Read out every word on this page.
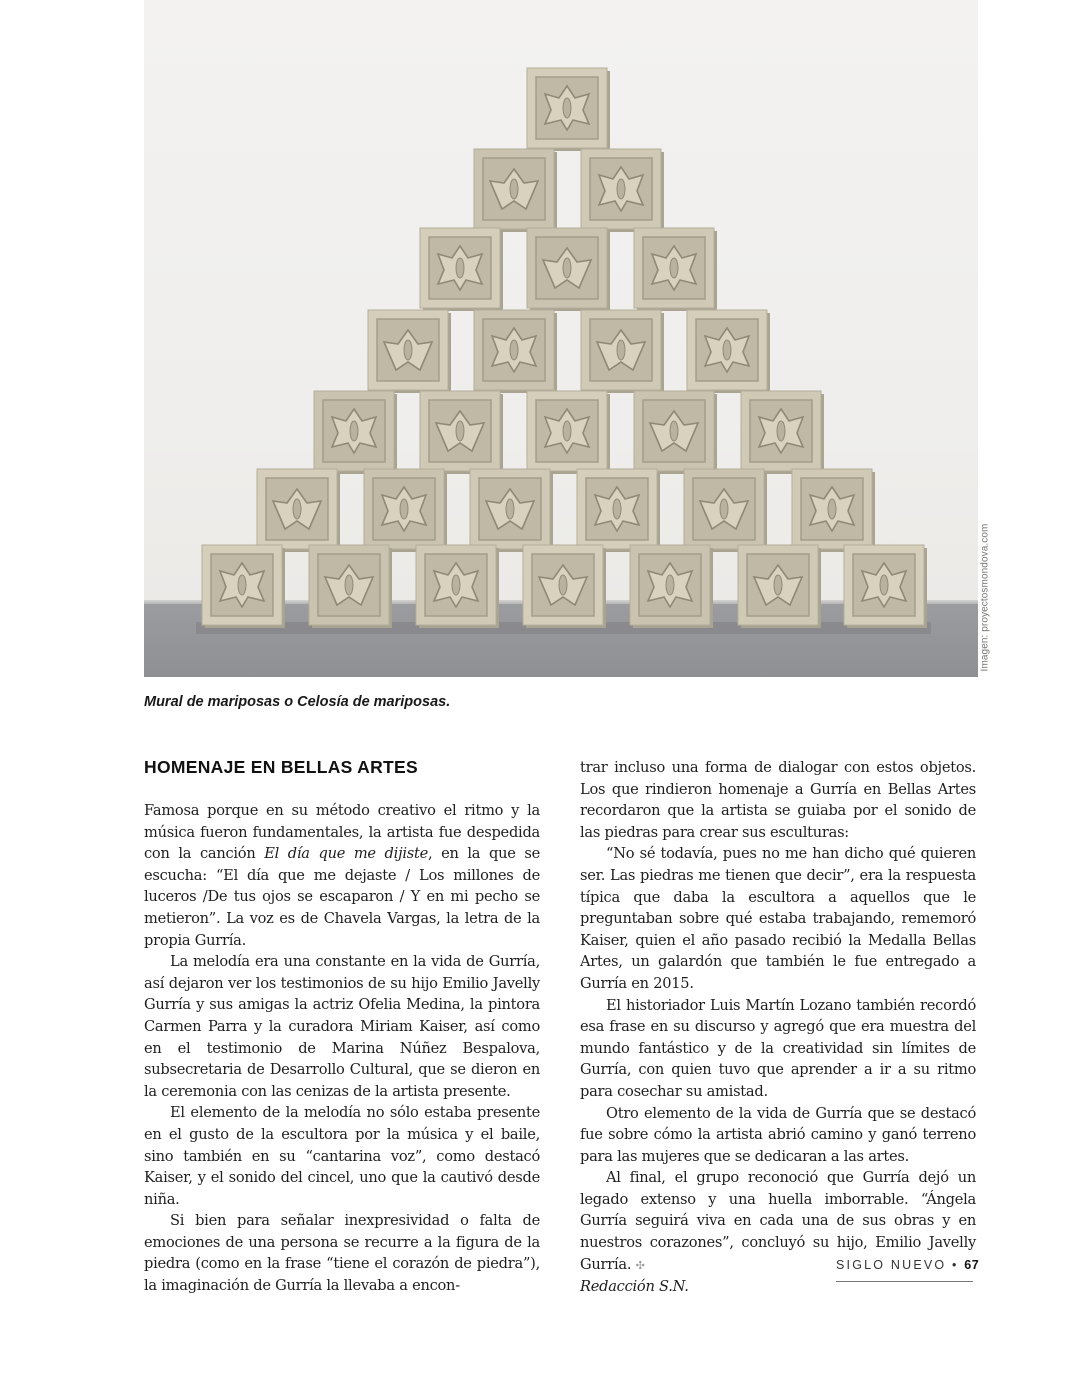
Imagen: proyectosmondova.com
Mural de mariposas o Celosía de mariposas.
HOMENAJE EN BELLAS ARTES

Famosa porque en su método creativo el ritmo y la música fueron fundamentales, la artista fue despedida con la canción El día que me dijiste, en la que se escucha: “El día que me dejaste / Los millones de luceros /De tus ojos se escaparon / Y en mi pecho se metieron”. La voz es de Chavela Vargas, la letra de la propia Gurría.

La melodía era una constante en la vida de Gurría, así dejaron ver los testimonios de su hijo Emilio Javelly Gurría y sus amigas la actriz Ofelia Medina, la pintora Carmen Parra y la curadora Miriam Kaiser, así como en el testimonio de Marina Núñez Bespalova, subsecretaria de Desarrollo Cultural, que se dieron en la ceremonia con las cenizas de la artista presente.

El elemento de la melodía no sólo estaba presente en el gusto de la escultora por la música y el baile, sino también en su “cantarina voz”, como destacó Kaiser, y el sonido del cincel, uno que la cautivó desde niña.

Si bien para señalar inexpresividad o falta de emociones de una persona se recurre a la figura de la piedra (como en la frase “tiene el corazón de piedra”), la imaginación de Gurría la llevaba a encon-

trar incluso una forma de dialogar con estos objetos. Los que rindieron homenaje a Gurría en Bellas Artes recordaron que la artista se guiaba por el sonido de las piedras para crear sus esculturas:

“No sé todavía, pues no me han dicho qué quieren ser. Las piedras me tienen que decir”, era la respuesta típica que daba la escultora a aquellos que le preguntaban sobre qué estaba trabajando, rememoró Kaiser, quien el año pasado recibió la Medalla Bellas Artes, un galardón que también le fue entregado a Gurría en 2015.

El historiador Luis Martín Lozano también recordó esa frase en su discurso y agregó que era muestra del mundo fantástico y de la creatividad sin límites de Gurría, con quien tuvo que aprender a ir a su ritmo para cosechar su amistad.

Otro elemento de la vida de Gurría que se destacó fue sobre cómo la artista abrió camino y ganó terreno para las mujeres que se dedicaran a las artes.

Al final, el grupo reconoció que Gurría dejó un legado extenso y una huella imborrable. “Ángela Gurría seguirá viva en cada una de sus obras y en nuestros corazones”, concluyó su hijo, Emilio Javelly Gurría. ✣

Redacción S.N.

SIGLO NUEVO • 67
